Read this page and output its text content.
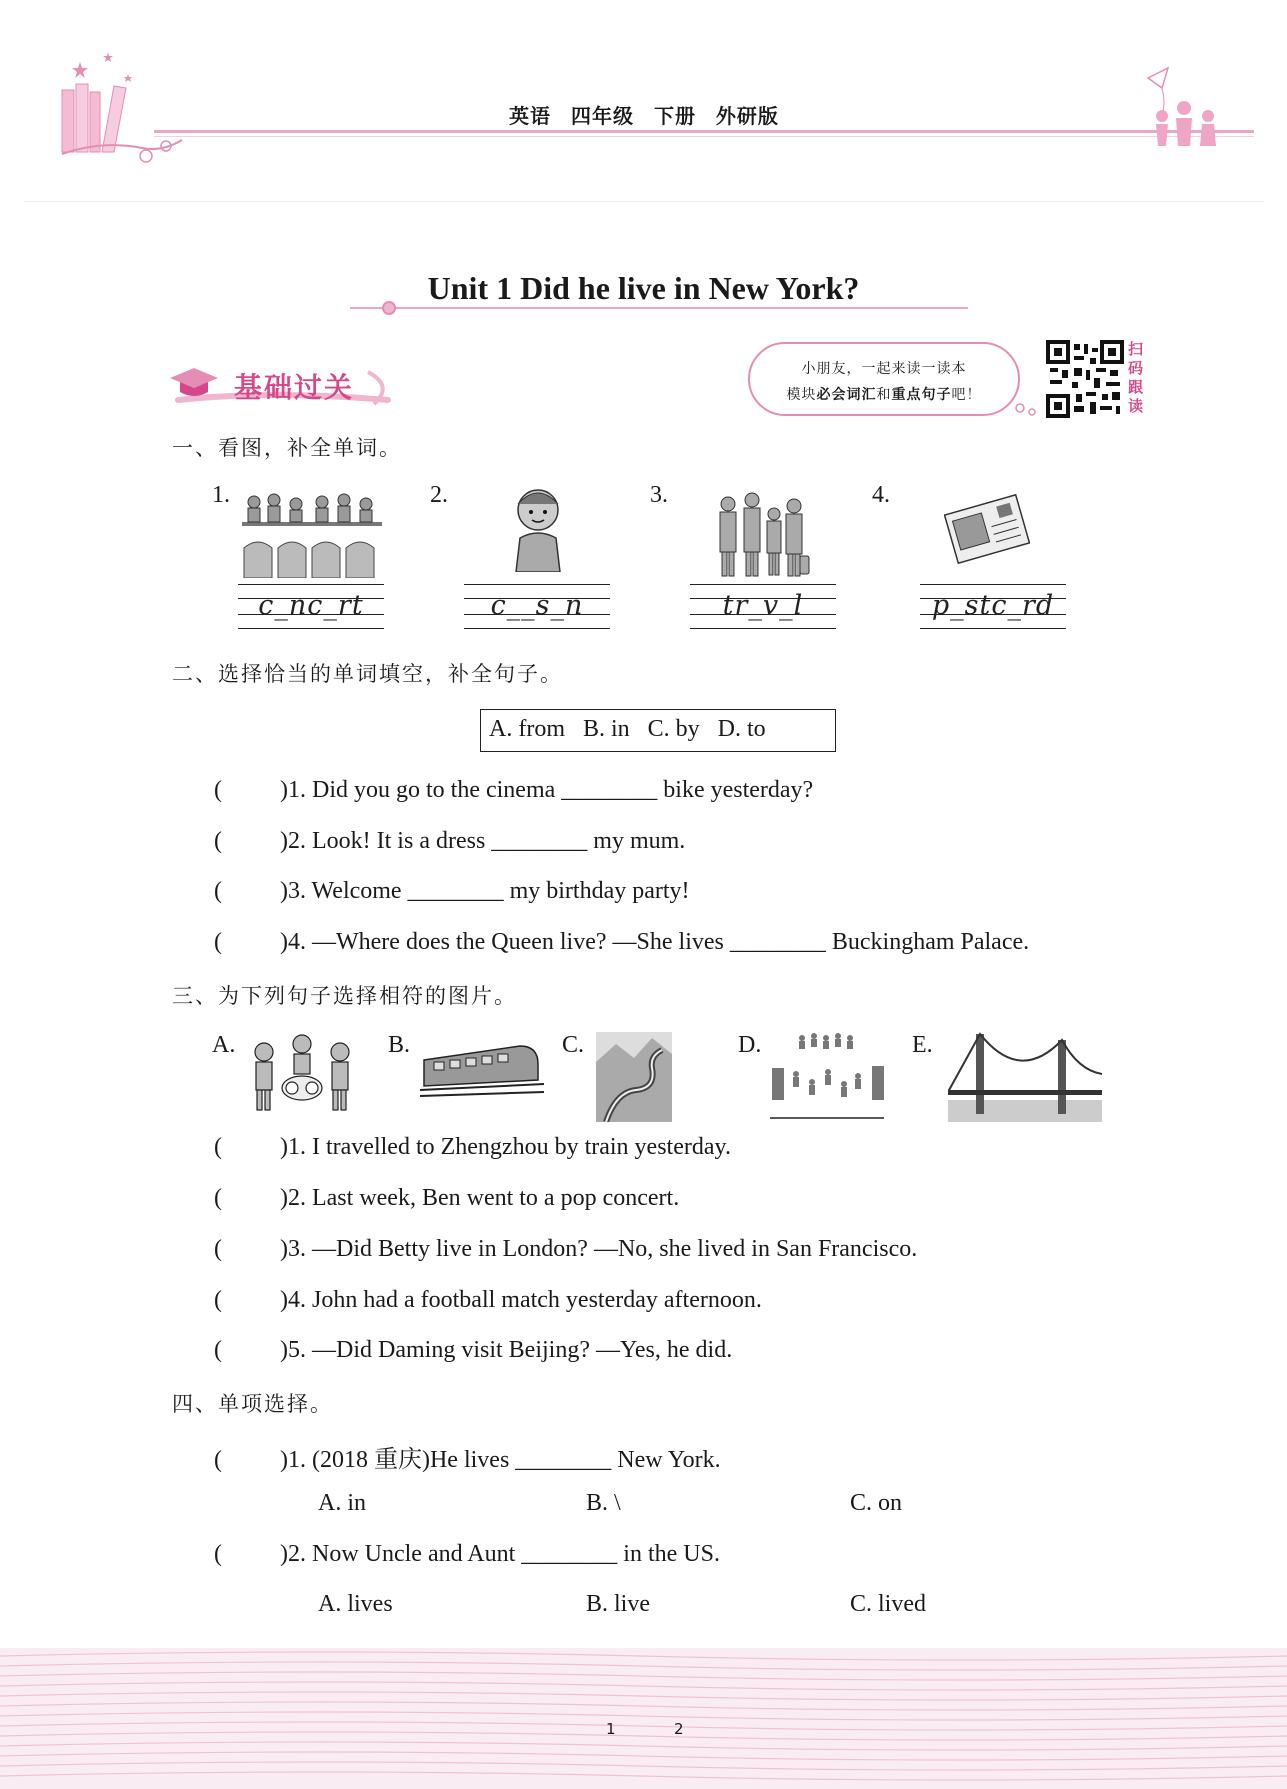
英语 四年级 下册 外研版
Unit 1 Did he live in New York?
基础过关
小朋友，一起来读一读本
模块必会词汇和重点句子吧！
扫码跟读
一、看图，补全单词。
1.
c_nc_rt
2.
c__s_n
3.
tr_v_l
4.
p_stc_rd
二、选择恰当的单词填空，补全句子。
A. from   B. in   C. by   D. to
( )1. Did you go to the cinema ________ bike yesterday?
( )2. Look! It is a dress ________ my mum.
( )3. Welcome ________ my birthday party!
( )4. —Where does the Queen live? —She lives ________ Buckingham Palace.
三、为下列句子选择相符的图片。
A.	B.	C.	D.	E.
( )1. I travelled to Zhengzhou by train yesterday.
( )2. Last week, Ben went to a pop concert.
( )3. —Did Betty live in London? —No, she lived in San Francisco.
( )4. John had a football match yesterday afternoon.
( )5. —Did Daming visit Beijing? —Yes, he did.
四、单项选择。
( )1. (2018 重庆)He lives ________ New York.
A. in	B. \	C. on
( )2. Now Uncle and Aunt ________ in the US.
A. lives	B. live	C. lived
1	2
